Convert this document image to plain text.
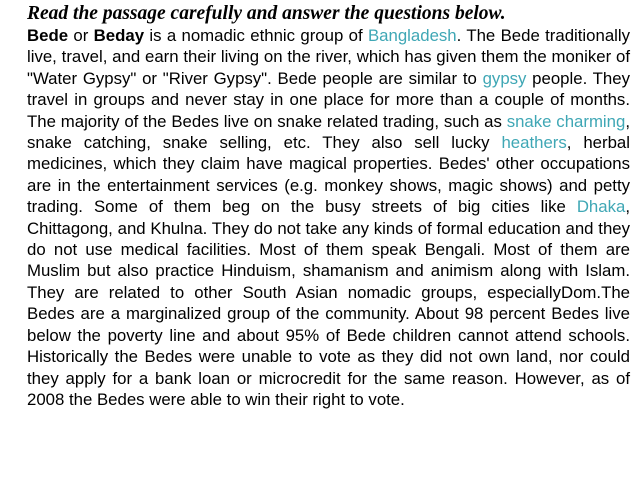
Read the passage carefully and answer the questions below.

Bede or Beday is a nomadic ethnic group of Bangladesh. The Bede traditionally live, travel, and earn their living on the river, which has given them the moniker of "Water Gypsy" or "River Gypsy". Bede people are similar to gypsy people. They travel in groups and never stay in one place for more than a couple of months. The majority of the Bedes live on snake related trading, such as snake charming, snake catching, snake selling, etc. They also sell lucky heathers, herbal medicines, which they claim have magical properties. Bedes' other occupations are in the entertainment services (e.g. monkey shows, magic shows) and petty trading. Some of them beg on the busy streets of big cities like Dhaka, Chittagong, and Khulna. They do not take any kinds of formal education and they do not use medical facilities. Most of them speak Bengali. Most of them are Muslim but also practice Hinduism, shamanism and animism along with Islam. They are related to other South Asian nomadic groups, especiallyDom.The Bedes are a marginalized group of the community. About 98 percent Bedes live below the poverty line and about 95% of Bede children cannot attend schools. Historically the Bedes were unable to vote as they did not own land, nor could they apply for a bank loan or microcredit for the same reason. However, as of 2008 the Bedes were able to win their right to vote.
